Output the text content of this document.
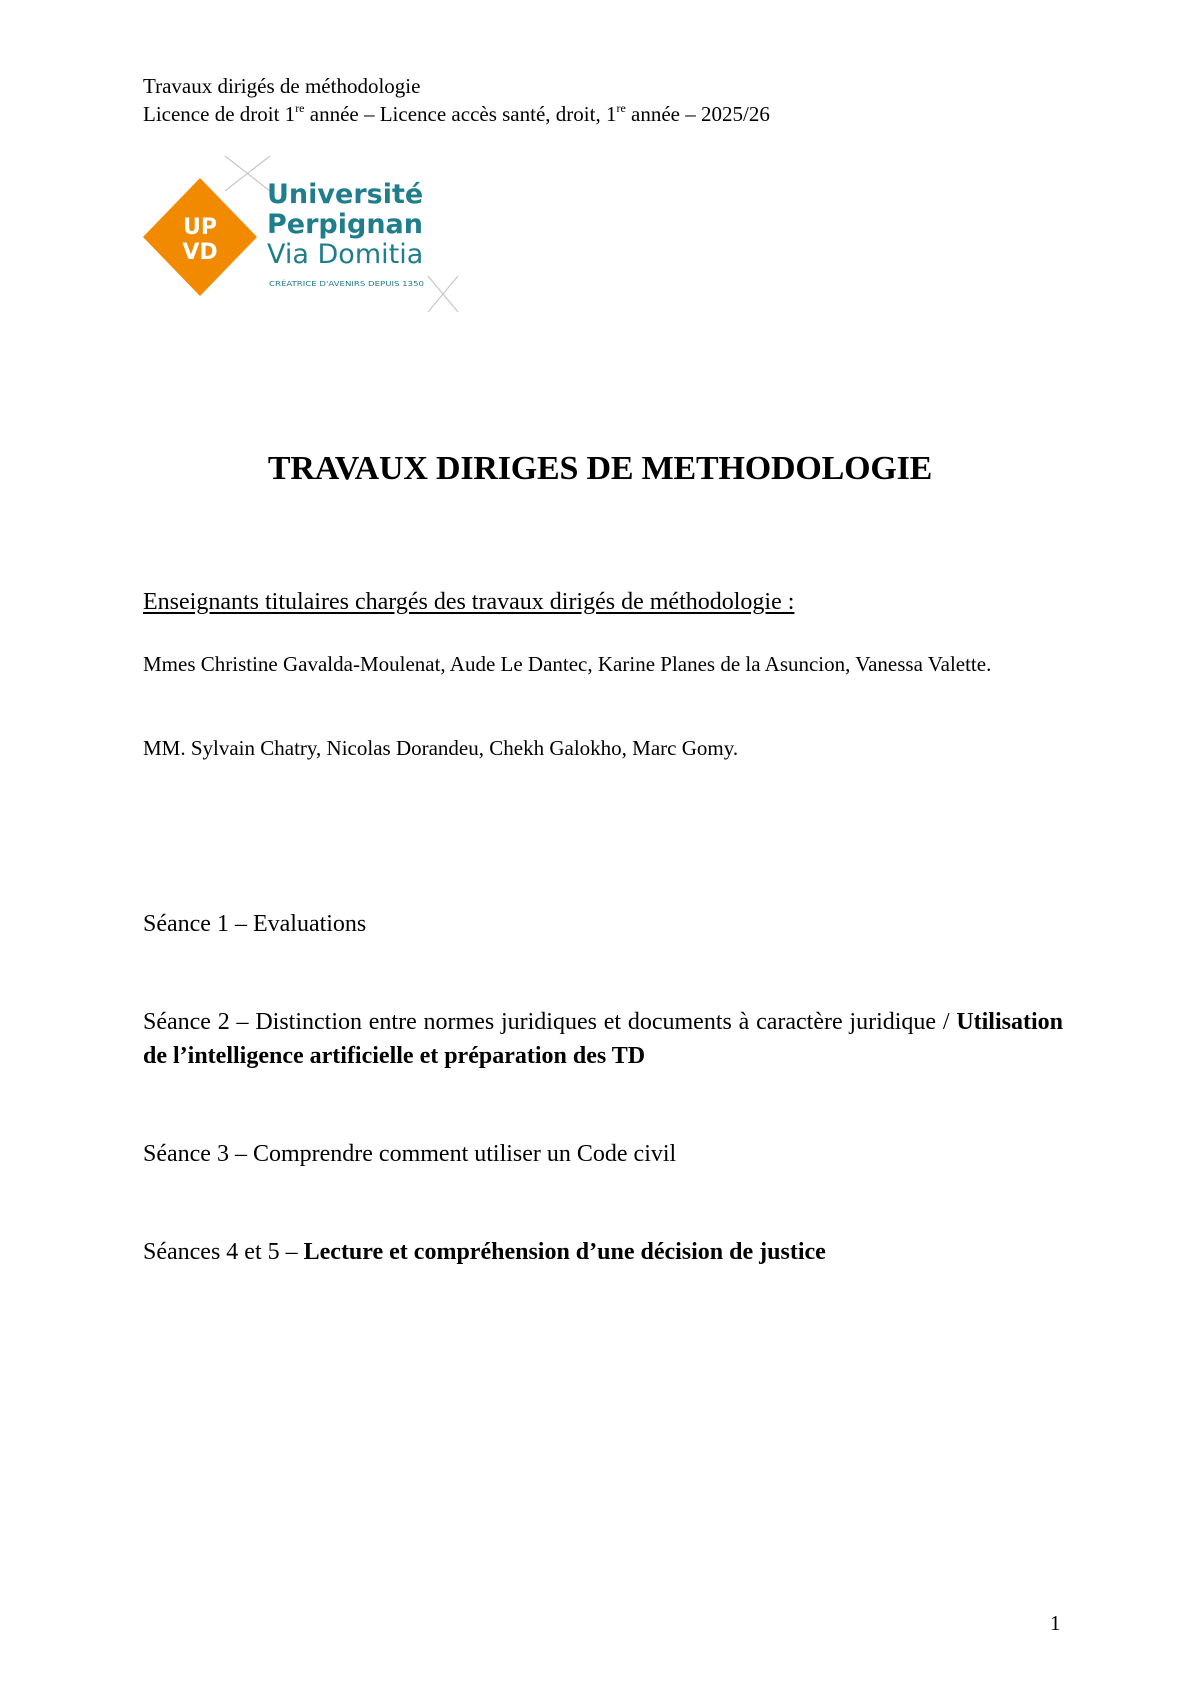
Travaux dirigés de méthodologie
Licence de droit 1re année – Licence accès santé, droit, 1re année – 2025/26
UP
VD
Université
Perpignan
Via Domitia
CRÉATRICE D'AVENIRS DEPUIS 1350
TRAVAUX DIRIGES DE METHODOLOGIE
Enseignants titulaires chargés des travaux dirigés de méthodologie :
Mmes Christine Gavalda-Moulenat, Aude Le Dantec, Karine Planes de la Asuncion, Vanessa Valette.
MM. Sylvain Chatry, Nicolas Dorandeu, Chekh Galokho, Marc Gomy.
Séance 1 – Evaluations
Séance 2 – Distinction entre normes juridiques et documents à caractère juridique / Utilisation de l’intelligence artificielle et préparation des TD
Séance 3 – Comprendre comment utiliser un Code civil
Séances 4 et 5 – Lecture et compréhension d’une décision de justice
1
